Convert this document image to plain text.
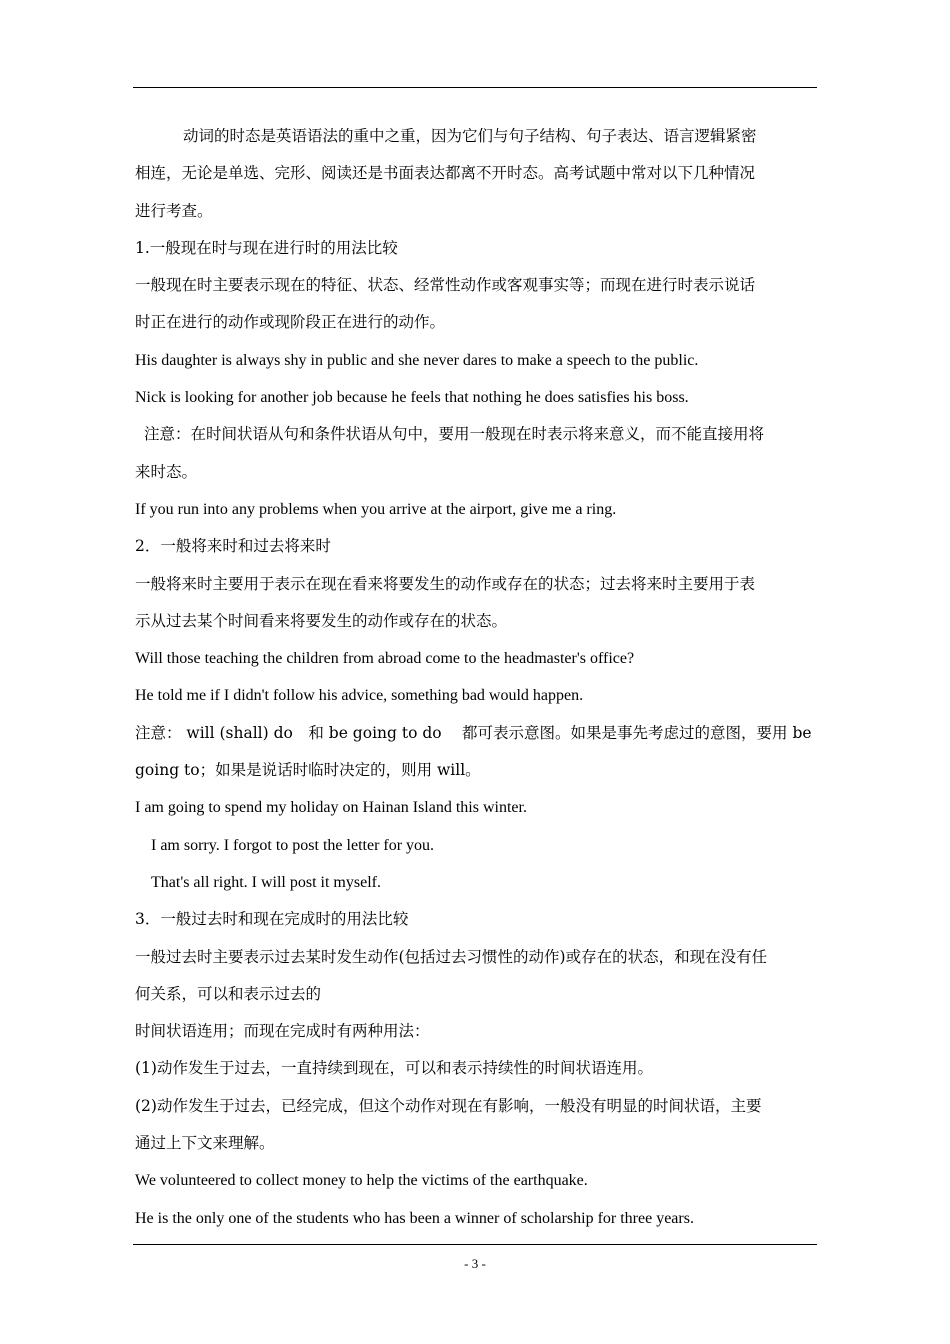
动词的时态是英语语法的重中之重，因为它们与句子结构、句子表达、语言逻辑紧密
相连，无论是单选、完形、阅读还是书面表达都离不开时态。高考试题中常对以下几种情况
进行考查。
1.一般现在时与现在进行时的用法比较
一般现在时主要表示现在的特征、状态、经常性动作或客观事实等；而现在进行时表示说话
时正在进行的动作或现阶段正在进行的动作。
His daughter is always shy in public and she never dares to make a speech to the public.
Nick is looking for another job because he feels that nothing he does satisfies his boss.
注意：在时间状语从句和条件状语从句中，要用一般现在时表示将来意义，而不能直接用将
来时态。
If you run into any problems when you arrive at the airport, give me a ring.
2．一般将来时和过去将来时
一般将来时主要用于表示在现在看来将要发生的动作或存在的状态；过去将来时主要用于表
示从过去某个时间看来将要发生的动作或存在的状态。
Will those teaching the children from abroad come to the headmaster's office?
He told me if I didn't follow his advice, something bad would happen.
注意： will (shall) do　和 be going to do　 都可表示意图。如果是事先考虑过的意图，要用 be
going to；如果是说话时临时决定的，则用 will。
I am going to spend my holiday on Hainan Island this winter.
I am sorry. I forgot to post the letter for you.
That's all right. I will post it myself.
3．一般过去时和现在完成时的用法比较
一般过去时主要表示过去某时发生动作(包括过去习惯性的动作)或存在的状态，和现在没有任
何关系，可以和表示过去的
时间状语连用；而现在完成时有两种用法：
(1)动作发生于过去，一直持续到现在，可以和表示持续性的时间状语连用。
(2)动作发生于过去，已经完成，但这个动作对现在有影响，一般没有明显的时间状语，主要
通过上下文来理解。
We volunteered to collect money to help the victims of the earthquake.
He is the only one of the students who has been a winner of scholarship for three years.
- 3 -
